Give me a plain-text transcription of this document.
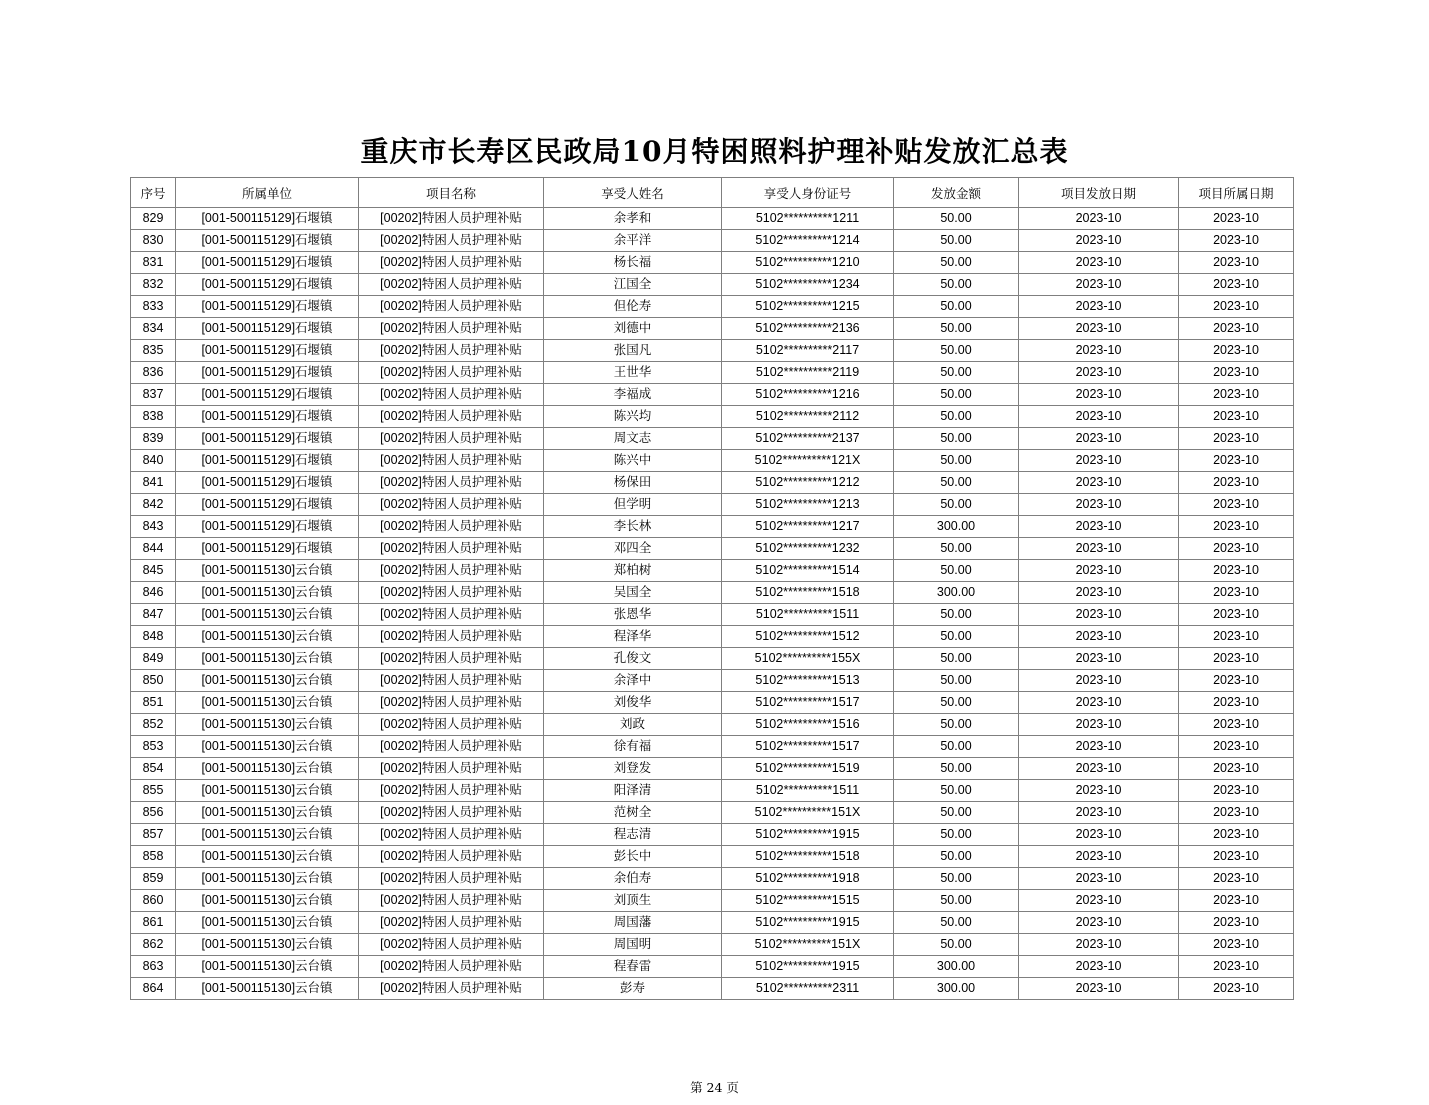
重庆市长寿区民政局10月特困照料护理补贴发放汇总表
序号	所属单位	项目名称	享受人姓名	享受人身份证号	发放金额	项目发放日期	项目所属日期
829	[001-500115129]石堰镇	[00202]特困人员护理补贴	余孝和	5102**********1211	50.00	2023-10	2023-10
830	[001-500115129]石堰镇	[00202]特困人员护理补贴	余平洋	5102**********1214	50.00	2023-10	2023-10
831	[001-500115129]石堰镇	[00202]特困人员护理补贴	杨长福	5102**********1210	50.00	2023-10	2023-10
832	[001-500115129]石堰镇	[00202]特困人员护理补贴	江国全	5102**********1234	50.00	2023-10	2023-10
833	[001-500115129]石堰镇	[00202]特困人员护理补贴	但伦寿	5102**********1215	50.00	2023-10	2023-10
834	[001-500115129]石堰镇	[00202]特困人员护理补贴	刘德中	5102**********2136	50.00	2023-10	2023-10
835	[001-500115129]石堰镇	[00202]特困人员护理补贴	张国凡	5102**********2117	50.00	2023-10	2023-10
836	[001-500115129]石堰镇	[00202]特困人员护理补贴	王世华	5102**********2119	50.00	2023-10	2023-10
837	[001-500115129]石堰镇	[00202]特困人员护理补贴	李福成	5102**********1216	50.00	2023-10	2023-10
838	[001-500115129]石堰镇	[00202]特困人员护理补贴	陈兴均	5102**********2112	50.00	2023-10	2023-10
839	[001-500115129]石堰镇	[00202]特困人员护理补贴	周文志	5102**********2137	50.00	2023-10	2023-10
840	[001-500115129]石堰镇	[00202]特困人员护理补贴	陈兴中	5102**********121X	50.00	2023-10	2023-10
841	[001-500115129]石堰镇	[00202]特困人员护理补贴	杨保田	5102**********1212	50.00	2023-10	2023-10
842	[001-500115129]石堰镇	[00202]特困人员护理补贴	但学明	5102**********1213	50.00	2023-10	2023-10
843	[001-500115129]石堰镇	[00202]特困人员护理补贴	李长林	5102**********1217	300.00	2023-10	2023-10
844	[001-500115129]石堰镇	[00202]特困人员护理补贴	邓四全	5102**********1232	50.00	2023-10	2023-10
845	[001-500115130]云台镇	[00202]特困人员护理补贴	郑柏树	5102**********1514	50.00	2023-10	2023-10
846	[001-500115130]云台镇	[00202]特困人员护理补贴	吴国全	5102**********1518	300.00	2023-10	2023-10
847	[001-500115130]云台镇	[00202]特困人员护理补贴	张恩华	5102**********1511	50.00	2023-10	2023-10
848	[001-500115130]云台镇	[00202]特困人员护理补贴	程泽华	5102**********1512	50.00	2023-10	2023-10
849	[001-500115130]云台镇	[00202]特困人员护理补贴	孔俊文	5102**********155X	50.00	2023-10	2023-10
850	[001-500115130]云台镇	[00202]特困人员护理补贴	余泽中	5102**********1513	50.00	2023-10	2023-10
851	[001-500115130]云台镇	[00202]特困人员护理补贴	刘俊华	5102**********1517	50.00	2023-10	2023-10
852	[001-500115130]云台镇	[00202]特困人员护理补贴	刘政	5102**********1516	50.00	2023-10	2023-10
853	[001-500115130]云台镇	[00202]特困人员护理补贴	徐有福	5102**********1517	50.00	2023-10	2023-10
854	[001-500115130]云台镇	[00202]特困人员护理补贴	刘登发	5102**********1519	50.00	2023-10	2023-10
855	[001-500115130]云台镇	[00202]特困人员护理补贴	阳泽清	5102**********1511	50.00	2023-10	2023-10
856	[001-500115130]云台镇	[00202]特困人员护理补贴	范树全	5102**********151X	50.00	2023-10	2023-10
857	[001-500115130]云台镇	[00202]特困人员护理补贴	程志清	5102**********1915	50.00	2023-10	2023-10
858	[001-500115130]云台镇	[00202]特困人员护理补贴	彭长中	5102**********1518	50.00	2023-10	2023-10
859	[001-500115130]云台镇	[00202]特困人员护理补贴	余伯寿	5102**********1918	50.00	2023-10	2023-10
860	[001-500115130]云台镇	[00202]特困人员护理补贴	刘顶生	5102**********1515	50.00	2023-10	2023-10
861	[001-500115130]云台镇	[00202]特困人员护理补贴	周国藩	5102**********1915	50.00	2023-10	2023-10
862	[001-500115130]云台镇	[00202]特困人员护理补贴	周国明	5102**********151X	50.00	2023-10	2023-10
863	[001-500115130]云台镇	[00202]特困人员护理补贴	程春雷	5102**********1915	300.00	2023-10	2023-10
864	[001-500115130]云台镇	[00202]特困人员护理补贴	彭寿	5102**********2311	300.00	2023-10	2023-10
第 24 页
